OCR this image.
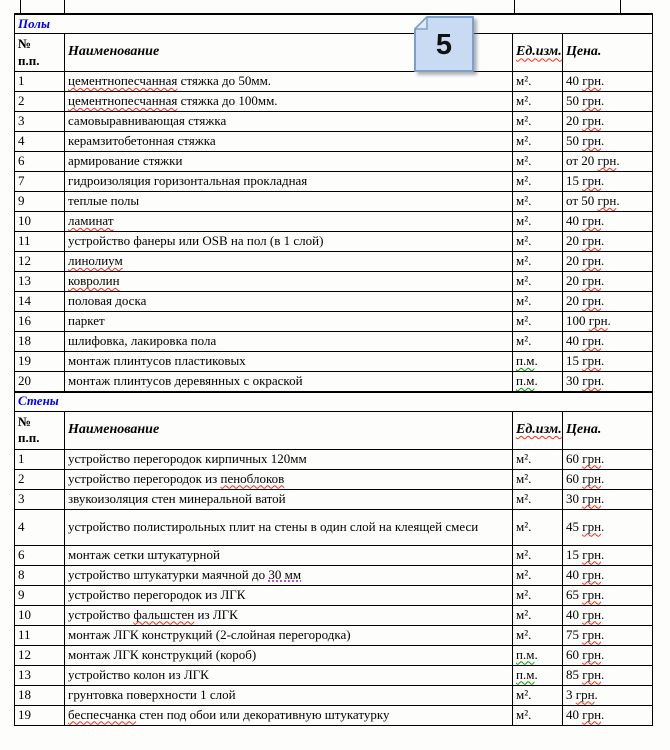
Полы			

№
п.п.	Наименование	Ед.изм.	Цена.
1	цементнопесчанная стяжка до 50мм.	м².	40 грн.
2	цементнопесчанная стяжка до 100мм.	м².	50 грн.
3	самовыравнивающая стяжка	м².	20 грн.
4	керамзитобетонная стяжка	м².	50 грн.
6	армирование стяжки	м².	от 20 грн.
7	гидроизоляция горизонтальная прокладная	м².	15 грн.
9	теплые полы	м².	от 50 грн.
10	ламинат	м².	40 грн.
11	устройство фанеры или OSB на пол (в 1 слой)	м².	20 грн.
12	линолиум	м².	20 грн.
13	ковролин	м².	20 грн.
14	половая доска	м².	20 грн.
16	паркет	м².	100 грн.
18	шлифовка, лакировка пола	м².	40 грн.
19	монтаж плинтусов пластиковых	п.м.	15 грн.
20	монтаж плинтусов деревянных с окраской	п.м.	30 грн.
Стены			

№
п.п.	Наименование	Ед.изм.	Цена.
1	устройство перегородок кирпичных 120мм	м².	60 грн.
2	устройство перегородок из пеноблоков	м².	60 грн.
3	звукоизоляция стен минеральной ватой	м².	30 грн.
4	устройство полистирольных плит на стены в один слой на клеящей смеси	м².	45 грн.
6	монтаж сетки штукатурной	м².	15 грн.
8	устройство штукатурки маячной до 30 мм	м².	40 грн.
9	устройство перегородок из ЛГК	м².	65 грн.
10	устройство фальшстен из ЛГК	м².	40 грн.
11	монтаж ЛГК конструкций (2-слойная перегородка)	м².	75 грн.
12	монтаж ЛГК конструкций (короб)	п.м.	60 грн.
13	устройство колон из ЛГК	п.м.	85 грн.
18	грунтовка поверхности 1 слой	м².	3 грн.
19	беспесчанка стен под обои или декоративную штукатурку	м².	40 грн.
5
